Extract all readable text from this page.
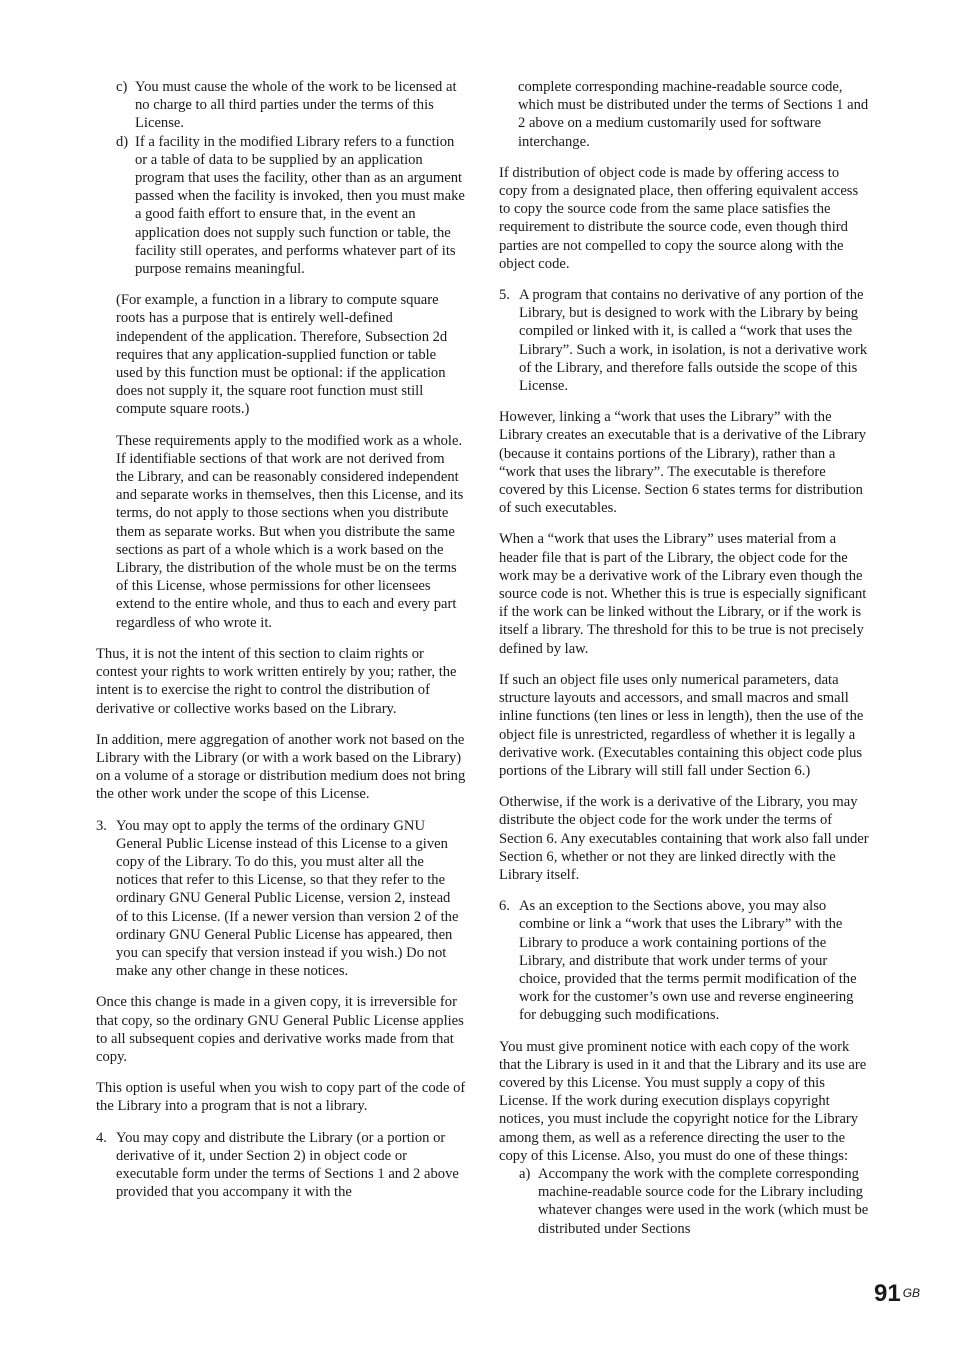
c) You must cause the whole of the work to be licensed at no charge to all third parties under the terms of this License.

d) If a facility in the modified Library refers to a function or a table of data to be supplied by an application program that uses the facility, other than as an argument passed when the facility is invoked, then you must make a good faith effort to ensure that, in the event an application does not supply such function or table, the facility still operates, and performs whatever part of its purpose remains meaningful.

(For example, a function in a library to compute square roots has a purpose that is entirely well-defined independent of the application. Therefore, Subsection 2d requires that any application-supplied function or table used by this function must be optional: if the application does not supply it, the square root function must still compute square roots.)

These requirements apply to the modified work as a whole. If identifiable sections of that work are not derived from the Library, and can be reasonably considered independent and separate works in themselves, then this License, and its terms, do not apply to those sections when you distribute them as separate works. But when you distribute the same sections as part of a whole which is a work based on the Library, the distribution of the whole must be on the terms of this License, whose permissions for other licensees extend to the entire whole, and thus to each and every part regardless of who wrote it.

Thus, it is not the intent of this section to claim rights or contest your rights to work written entirely by you; rather, the intent is to exercise the right to control the distribution of derivative or collective works based on the Library.

In addition, mere aggregation of another work not based on the Library with the Library (or with a work based on the Library) on a volume of a storage or distribution medium does not bring the other work under the scope of this License.

3. You may opt to apply the terms of the ordinary GNU General Public License instead of this License to a given copy of the Library. To do this, you must alter all the notices that refer to this License, so that they refer to the ordinary GNU General Public License, version 2, instead of to this License. (If a newer version than version 2 of the ordinary GNU General Public License has appeared, then you can specify that version instead if you wish.) Do not make any other change in these notices.

Once this change is made in a given copy, it is irreversible for that copy, so the ordinary GNU General Public License applies to all subsequent copies and derivative works made from that copy.

This option is useful when you wish to copy part of the code of the Library into a program that is not a library.

4. You may copy and distribute the Library (or a portion or derivative of it, under Section 2) in object code or executable form under the terms of Sections 1 and 2 above provided that you accompany it with the

complete corresponding machine-readable source code, which must be distributed under the terms of Sections 1 and 2 above on a medium customarily used for software interchange.

If distribution of object code is made by offering access to copy from a designated place, then offering equivalent access to copy the source code from the same place satisfies the requirement to distribute the source code, even though third parties are not compelled to copy the source along with the object code.

5. A program that contains no derivative of any portion of the Library, but is designed to work with the Library by being compiled or linked with it, is called a “work that uses the Library”. Such a work, in isolation, is not a derivative work of the Library, and therefore falls outside the scope of this License.

However, linking a “work that uses the Library” with the Library creates an executable that is a derivative of the Library (because it contains portions of the Library), rather than a “work that uses the library”. The executable is therefore covered by this License. Section 6 states terms for distribution of such executables.

When a “work that uses the Library” uses material from a header file that is part of the Library, the object code for the work may be a derivative work of the Library even though the source code is not. Whether this is true is especially significant if the work can be linked without the Library, or if the work is itself a library. The threshold for this to be true is not precisely defined by law.

If such an object file uses only numerical parameters, data structure layouts and accessors, and small macros and small inline functions (ten lines or less in length), then the use of the object file is unrestricted, regardless of whether it is legally a derivative work. (Executables containing this object code plus portions of the Library will still fall under Section 6.)

Otherwise, if the work is a derivative of the Library, you may distribute the object code for the work under the terms of Section 6. Any executables containing that work also fall under Section 6, whether or not they are linked directly with the Library itself.

6. As an exception to the Sections above, you may also combine or link a “work that uses the Library” with the Library to produce a work containing portions of the Library, and distribute that work under terms of your choice, provided that the terms permit modification of the work for the customer’s own use and reverse engineering for debugging such modifications.

You must give prominent notice with each copy of the work that the Library is used in it and that the Library and its use are covered by this License. You must supply a copy of this License. If the work during execution displays copyright notices, you must include the copyright notice for the Library among them, as well as a reference directing the user to the copy of this License. Also, you must do one of these things:

a) Accompany the work with the complete corresponding machine-readable source code for the Library including whatever changes were used in the work (which must be distributed under Sections
91 $^{GB}$
